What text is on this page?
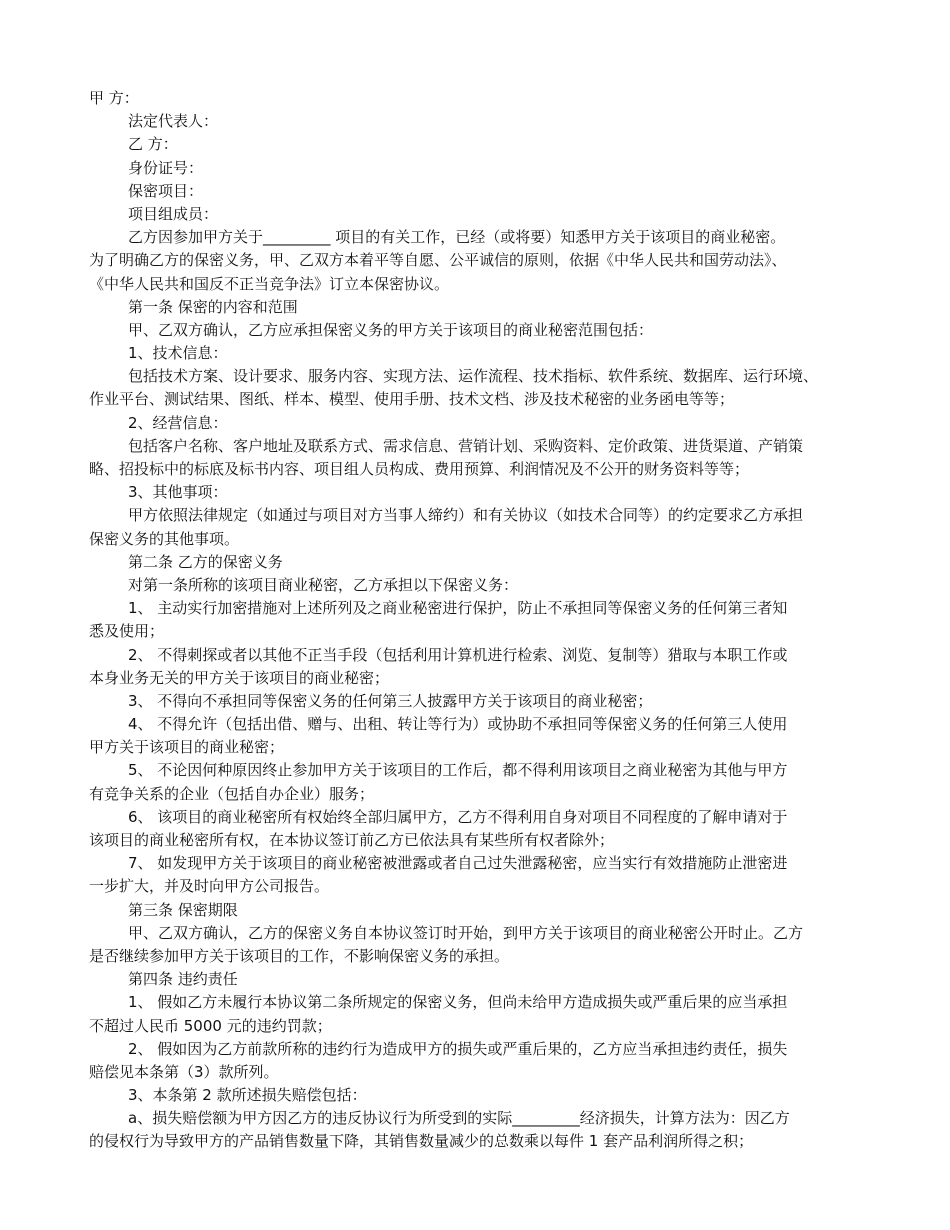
甲 方：
法定代表人：
乙 方：
身份证号：
保密项目：
项目组成员：
乙方因参加甲方关于_________ 项目的有关工作，已经（或将要）知悉甲方关于该项目的商业秘密。
为了明确乙方的保密义务，甲、乙双方本着平等自愿、公平诚信的原则，依据《中华人民共和国劳动法》、
《中华人民共和国反不正当竞争法》订立本保密协议。
第一条 保密的内容和范围
甲、乙双方确认，乙方应承担保密义务的甲方关于该项目的商业秘密范围包括：
1、技术信息：
包括技术方案、设计要求、服务内容、实现方法、运作流程、技术指标、软件系统、数据库、运行环境、
作业平台、测试结果、图纸、样本、模型、使用手册、技术文档、涉及技术秘密的业务函电等等；
2、经营信息：
包括客户名称、客户地址及联系方式、需求信息、营销计划、采购资料、定价政策、进货渠道、产销策
略、招投标中的标底及标书内容、项目组人员构成、费用预算、利润情况及不公开的财务资料等等；
3、其他事项：
甲方依照法律规定（如通过与项目对方当事人缔约）和有关协议（如技术合同等）的约定要求乙方承担
保密义务的其他事项。
第二条 乙方的保密义务
对第一条所称的该项目商业秘密，乙方承担以下保密义务：
1、 主动实行加密措施对上述所列及之商业秘密进行保护，防止不承担同等保密义务的任何第三者知
悉及使用；
2、 不得刺探或者以其他不正当手段（包括利用计算机进行检索、浏览、复制等）猎取与本职工作或
本身业务无关的甲方关于该项目的商业秘密；
3、 不得向不承担同等保密义务的任何第三人披露甲方关于该项目的商业秘密；
4、 不得允许（包括出借、赠与、出租、转让等行为）或协助不承担同等保密义务的任何第三人使用
甲方关于该项目的商业秘密；
5、 不论因何种原因终止参加甲方关于该项目的工作后，都不得利用该项目之商业秘密为其他与甲方
有竞争关系的企业（包括自办企业）服务；
6、 该项目的商业秘密所有权始终全部归属甲方，乙方不得利用自身对项目不同程度的了解申请对于
该项目的商业秘密所有权，在本协议签订前乙方已依法具有某些所有权者除外；
7、 如发现甲方关于该项目的商业秘密被泄露或者自己过失泄露秘密，应当实行有效措施防止泄密进
一步扩大，并及时向甲方公司报告。
第三条 保密期限
甲、乙双方确认，乙方的保密义务自本协议签订时开始，到甲方关于该项目的商业秘密公开时止。乙方
是否继续参加甲方关于该项目的工作，不影响保密义务的承担。
第四条 违约责任
1、 假如乙方未履行本协议第二条所规定的保密义务，但尚未给甲方造成损失或严重后果的应当承担
不超过人民币 5000 元的违约罚款；
2、 假如因为乙方前款所称的违约行为造成甲方的损失或严重后果的，乙方应当承担违约责任，损失
赔偿见本条第（3）款所列。
3、本条第 2 款所述损失赔偿包括：
a、损失赔偿额为甲方因乙方的违反协议行为所受到的实际_________经济损失，计算方法为：因乙方
的侵权行为导致甲方的产品销售数量下降，其销售数量减少的总数乘以每件 1 套产品利润所得之积；
